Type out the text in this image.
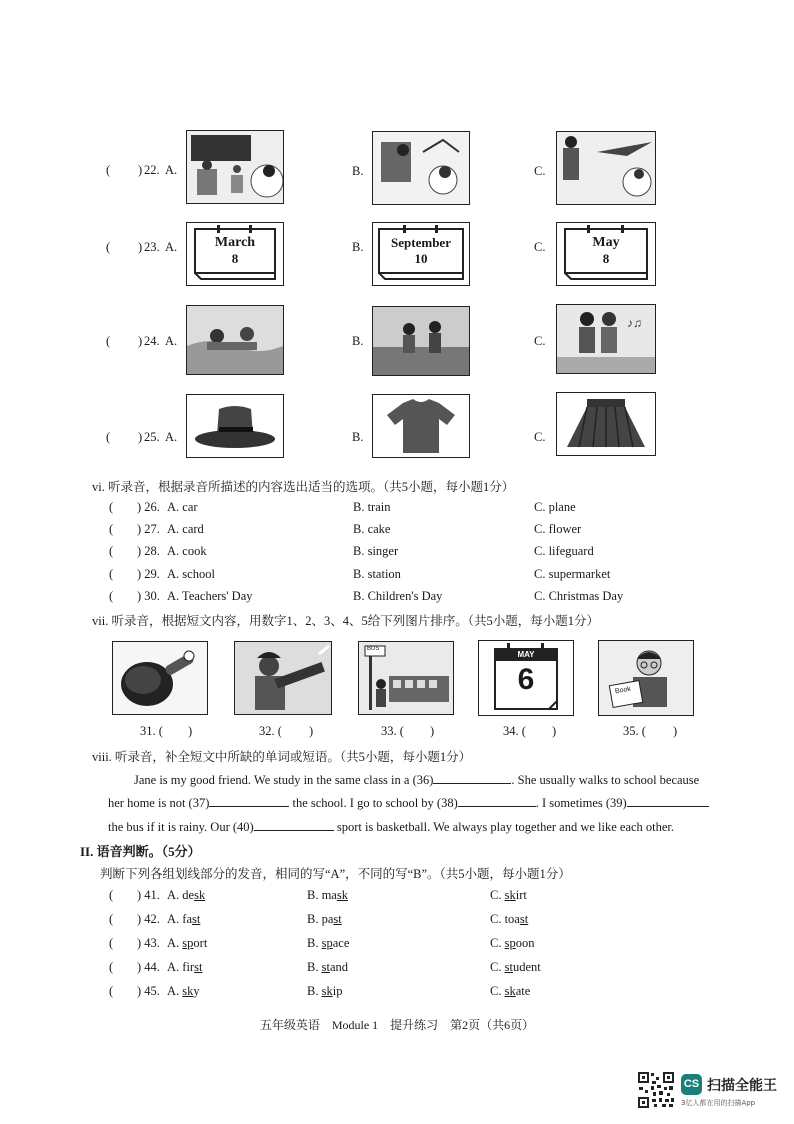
( ) 22. A.	B.	C.
( ) 23. A.	B.	C.
March
8
September
10
May
8
( ) 24. A.	B.	C.
♪♫
( ) 25. A.	B.	C.
vi. 听录音，根据录音所描述的内容选出适当的选项。（共5小题，每小题1分）
( ) 26. A. car	B. train	C. plane
( ) 27. A. card	B. cake	C. flower
( ) 28. A. cook	B. singer	C. lifeguard
( ) 29. A. school	B. station	C. supermarket
( ) 30. A. Teachers' Day	B. Children's Day	C. Christmas Day
vii. 听录音，根据短文内容，用数字1、2、3、4、5给下列图片排序。（共5小题，每小题1分）
BUS
MAY
6	Book
31. ( )	32. ( )	33. ( )	34. ( )	35. ( )
viii. 听录音，补全短文中所缺的单词或短语。（共5小题，每小题1分）
Jane is my good friend. We study in the same class in a (36)	. She usually walks to school because
her home is not (37)	the school. I go to school by (38)	. I sometimes (39)
the bus if it is rainy. Our (40)	sport is basketball. We always play together and we like each other.
II. 语音判断。（5分）
判断下列各组划线部分的发音，相同的写“A”，不同的写“B”。（共5小题，每小题1分）
( ) 41. A. desk	B. mask	C. skirt
( ) 42. A. fast	B. past	C. toast
( ) 43. A. sport	B. space	C. spoon
( ) 44. A. first	B. stand	C. student
( ) 45. A. sky	B. skip	C. skate
五年级英语　Module 1　提升练习　第2页（共6页）
CS 扫描全能王
3亿人都在用的扫描App
